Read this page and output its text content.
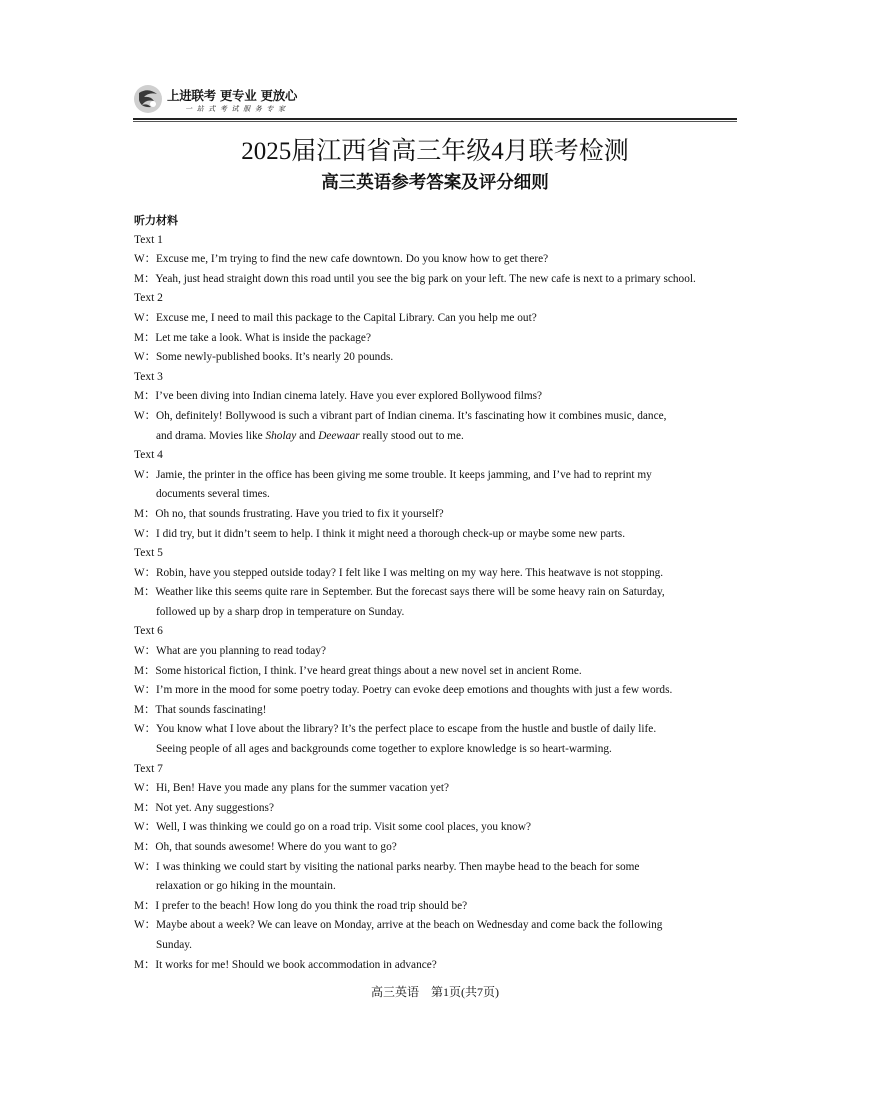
上进联考 更专业 更放心
一 站 式 考 试 服 务 专 家
2025届江西省高三年级4月联考检测
高三英语参考答案及评分细则
听力材料
Text 1
W：Excuse me, I’m trying to find the new cafe downtown. Do you know how to get there?
M：Yeah, just head straight down this road until you see the big park on your left. The new cafe is next to a primary school.
Text 2
W：Excuse me, I need to mail this package to the Capital Library. Can you help me out?
M：Let me take a look. What is inside the package?
W：Some newly-published books. It’s nearly 20 pounds.
Text 3
M：I’ve been diving into Indian cinema lately. Have you ever explored Bollywood films?
W：Oh, definitely! Bollywood is such a vibrant part of Indian cinema. It’s fascinating how it combines music, dance,
and drama. Movies like Sholay and Deewaar really stood out to me.
Text 4
W：Jamie, the printer in the office has been giving me some trouble. It keeps jamming, and I’ve had to reprint my
documents several times.
M：Oh no, that sounds frustrating. Have you tried to fix it yourself?
W：I did try, but it didn’t seem to help. I think it might need a thorough check-up or maybe some new parts.
Text 5
W：Robin, have you stepped outside today? I felt like I was melting on my way here. This heatwave is not stopping.
M：Weather like this seems quite rare in September. But the forecast says there will be some heavy rain on Saturday,
followed up by a sharp drop in temperature on Sunday.
Text 6
W：What are you planning to read today?
M：Some historical fiction, I think. I’ve heard great things about a new novel set in ancient Rome.
W：I’m more in the mood for some poetry today. Poetry can evoke deep emotions and thoughts with just a few words.
M：That sounds fascinating!
W：You know what I love about the library? It’s the perfect place to escape from the hustle and bustle of daily life.
Seeing people of all ages and backgrounds come together to explore knowledge is so heart-warming.
Text 7
W：Hi, Ben! Have you made any plans for the summer vacation yet?
M：Not yet. Any suggestions?
W：Well, I was thinking we could go on a road trip. Visit some cool places, you know?
M：Oh, that sounds awesome! Where do you want to go?
W：I was thinking we could start by visiting the national parks nearby. Then maybe head to the beach for some
relaxation or go hiking in the mountain.
M：I prefer to the beach! How long do you think the road trip should be?
W：Maybe about a week? We can leave on Monday, arrive at the beach on Wednesday and come back the following
Sunday.
M：It works for me! Should we book accommodation in advance?
高三英语　第1页(共7页)
